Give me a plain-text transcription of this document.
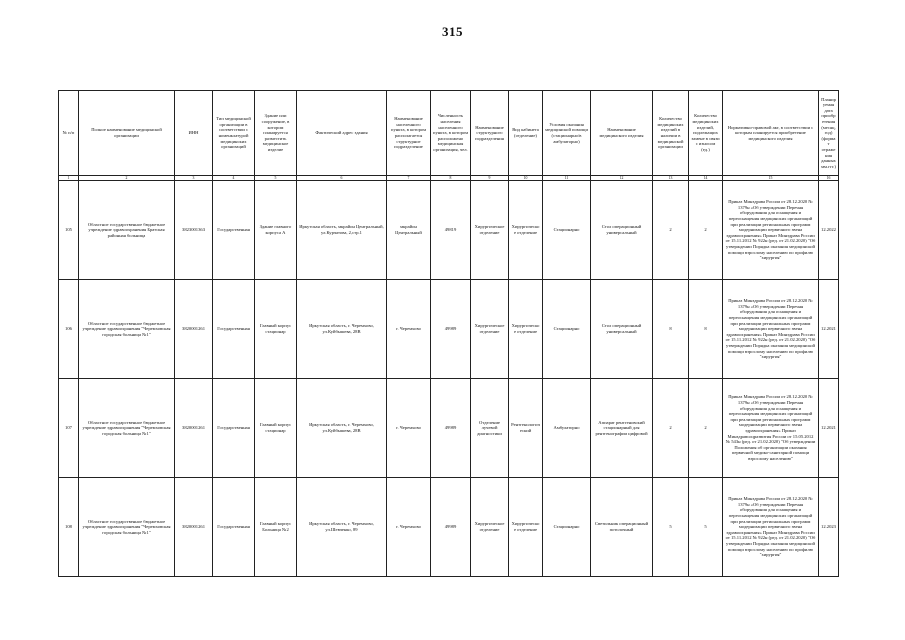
315
№ п/п	Полное наименование медицинской организации	ИНН	Тип медицинской организации в соответствии с номенклатурой медицинских организаций	Здание или сооружение, в котором планируется разместить медицинское изделие	Фактический адрес здания	Наименование населенного пункта, в котором располагается структурное подразделение	Численность населения населенного пункта, в котором расположено медицинская организация, чел.	Наименование структурного подразделения	Вид кабинета (отделение)	Условия оказания медицинской помощи (стационарно/в амбулаторно)	Наименование медицинского изделия	Количество медицинских изделий в наличии в медицинской организации	Количество медицинских изделий, подлежащих замене в связи с износом (ед.)	Нормативно-правовой акт, в соответствии с которым планируется приобретение медицинского изделия	Планируемая дата приобретения (месяц, год) (формат отражения данных мм.ггг.)
1	2	3	4	5	6	7	8	9	10	11	12	13	14	15	16
105	Областное государственное бюджетное учреждение здравоохранения Братская районная больница	3823001363	Государственная	Здание главного корпуса А	Иркутская область, мкрайон Центральный, ул.Курчатова, 2,стр.1	мкрайон Центральный	49819	Хирургическое отделение	Хирургическое отделение	Стационарно	Стол операционный универсальный	2	2	Приказ Минздрава России от 28.12.2020 № 1379н «Об утверждении Перечня оборудования для оснащения и переоснащения медицинских организаций при реализации региональных программ модернизации первичного звена здравоохранения» Приказ Минздрава России от 15.11.2012 № 922н (ред. от 21.02.2020) "Об утверждении Порядка оказания медицинской помощи взрослому населению по профилю "хирургия"	12.2022
106	Областное государственное бюджетное учреждение здравоохранения "Черемховская городская больница №1"	3820001261	Государственная	Главный корпус стационар	Иркутская область, г. Черемхово, ул.Куйбышева, 28В	г. Черемхово	49989	Хирургическое отделение	Хирургическое отделение	Стационарно	Стол операционный универсальный	8	8	Приказ Минздрава России от 28.12.2020 № 1379н «Об утверждении Перечня оборудования для оснащения и переоснащения медицинских организаций при реализации региональных программ модернизации первичного звена здравоохранения» Приказ Минздрава России от 15.11.2012 № 922н (ред. от 21.02.2020) "Об утверждении Порядка оказания медицинской помощи взрослому населению по профилю "хирургия"	12.2021
107	Областное государственное бюджетное учреждение здравоохранения "Черемховская городская больница №1"	3820001261	Государственная	Главный корпус стационар	Иркутская область, г. Черемхово, ул.Куйбышева, 28В	г. Черемхово	49989	Отделение лучевой диагностики	Рентгенологический	Амбулаторно	Аппарат рентгеновский стационарный для рентгенографии цифровой	2	2	Приказ Минздрава России от 28.12.2020 № 1379н «Об утверждении Перечня оборудования для оснащения и переоснащения медицинских организаций при реализации региональных программ модернизации первичного звена здравоохранения» Приказ Минздравсоцразвития России от 15.05.2012 № 543н (ред. от 21.02.2020) "Об утверждении Положения об организации оказания первичной медико-санитарной помощи взрослому населению"	12.2021
108	Областное государственное бюджетное учреждение здравоохранения "Черемховская городская больница №1"	3820001261	Государственная	Главный корпус Больница №2	Иркутская область, г. Черемхово, ул.Шевченко, 89	г. Черемхово	49989	Хирургическое отделение	Хирургическое отделение	Стационарно	Светильник операционный потолочный	5	5	Приказ Минздрава России от 28.12.2020 № 1379н «Об утверждении Перечня оборудования для оснащения и переоснащения медицинских организаций при реализации региональных программ модернизации первичного звена здравоохранения» Приказ Минздрава России от 15.11.2012 № 922н (ред. от 21.02.2020) "Об утверждении Порядка оказания медицинской помощи взрослому населению по профилю "хирургия"	12.2023
